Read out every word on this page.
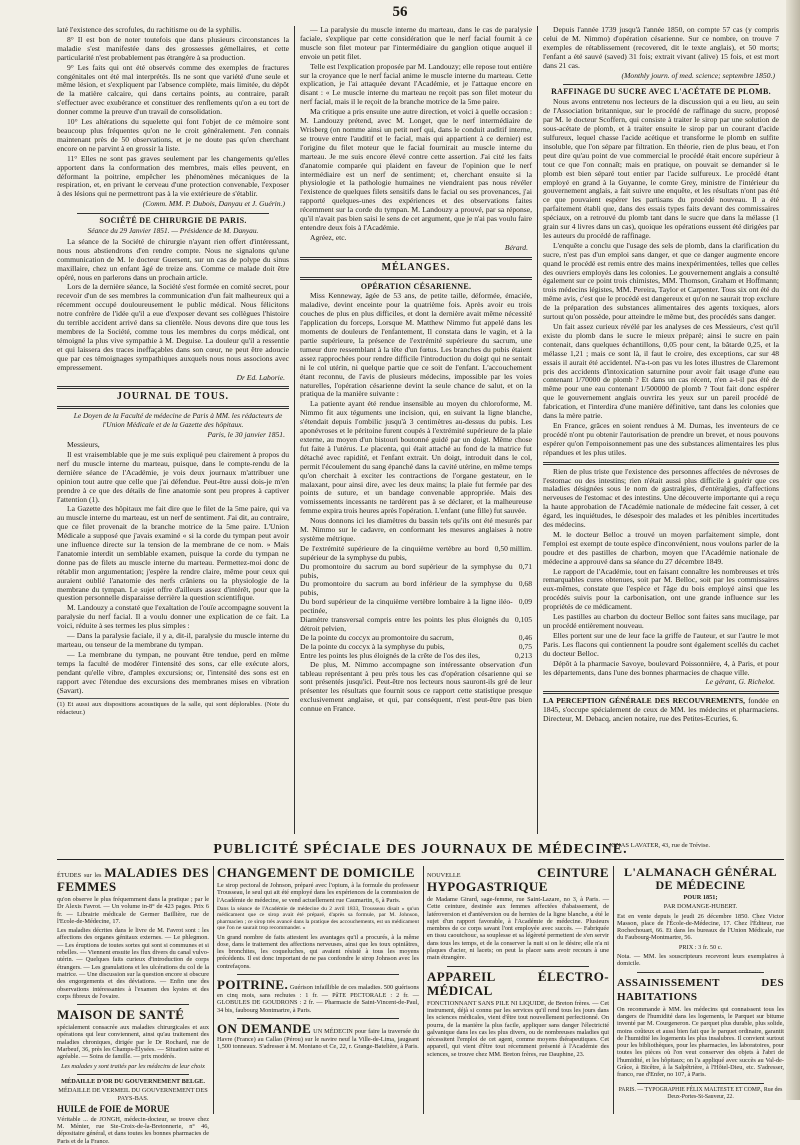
56

laté l'existence des scrofules, du rachitisme ou de la syphilis.

8° Il est bon de noter toutefois que dans plusieurs circonstances la maladie s'est manifestée dans des grossesses gémellaires, et cette particularité n'est probablement pas étrangère à sa production.

9° Les faits qui ont été observés comme des exemples de fractures congénitales ont été mal interprétés. Ils ne sont que variété d'une seule et même lésion, et s'expliquent par l'absence complète, mais limitée, du dépôt de la matière calcaire, qui dans certains points, au contraire, paraît s'effectuer avec exubérance et constituer des renflements qu'on a eu tort de donner comme la preuve d'un travail de consolidation.

10° Les altérations du squelette qui font l'objet de ce mémoire sont beaucoup plus fréquentes qu'on ne le croit généralement. J'en connais maintenant près de 50 observations, et je ne doute pas qu'en cherchant encore on ne parvint à en grossir la liste.

11° Elles ne sont pas graves seulement par les changements qu'elles apportent dans la conformation des membres, mais elles peuvent, en déformant la poitrine, empêcher les phénomènes mécaniques de la respiration, et, en privant le cerveau d'une protection convenable, l'exposer à des lésions qui ne permettront pas à la vie extérieure de s'établir.

(Comm. MM. P. Dubois, Danyau et J. Guérin.)

SOCIÉTÉ DE CHIRURGIE DE PARIS.
Séance du 29 Janvier 1851. — Présidence de M. Danyau.

La séance de la Société de chirurgie n'ayant rien offert d'intéressant, nous nous abstiendrons d'en rendre compte. Nous ne signalons qu'une communication de M. le docteur Guersent, sur un cas de polype du sinus maxillaire, chez un enfant âgé de treize ans. Comme ce malade doit être opéré, nous en parlerons dans un prochain article.

Lors de la dernière séance, la Société s'est formée en comité secret, pour recevoir d'un de ses membres la communication d'un fait malheureux qui a récemment occupé douloureusement le public médical. Nous félicitons notre confrère de l'idée qu'il a eue d'exposer devant ses collègues l'histoire du terrible accident arrivé dans sa clientèle. Nous devons dire que tous les membres de la Société, comme tous les membres du corps médical, ont témoigné la plus vive sympathie à M. Deguise. La douleur qu'il a ressentie et qui laissera des traces ineffaçables dans son cœur, ne peut être adoucie que par ces témoignages sympathiques auxquels nous nous associons avec empressement.

Dr Ed. Laborie.

JOURNAL DE TOUS.

Le Doyen de la Faculté de médecine de Paris à MM. les rédacteurs de l'Union Médicale et de la Gazette des hôpitaux.

Paris, le 30 janvier 1851.

Messieurs,

Il est vraisemblable que je me suis expliqué peu clairement à propos du nerf du muscle interne du marteau, puisque, dans le compte-rendu de la dernière séance de l'Académie, je vois deux journaux m'attribuer une opinion tout autre que celle que j'ai défendue. Peut-être aussi dois-je m'en prendre à ce que des détails de fine anatomie sont peu propres à captiver l'attention (1).

La Gazette des hôpitaux me fait dire que le filet de la 5me paire, qui va au muscle interne du marteau, est un nerf de sentiment. J'ai dit, au contraire, que ce filet provenait de la branche motrice de la 5me paire. L'Union Médicale a supposé que j'avais examiné « si la corde du tympan peut avoir une influence directe sur la tension de la membrane de ce nom. » Mais l'anatomie interdit un semblable examen, puisque la corde du tympan ne donne pas de filets au muscle interne du marteau. Permettez-moi donc de rétablir mon argumentation; j'espère la rendre claire, même pour ceux qui auraient oublié l'anatomie des nerfs crâniens ou la physiologie de la membrane du tympan. Le sujet offre d'ailleurs assez d'intérêt, pour que la question personnelle disparaisse derrière la question scientifique.

M. Landouzy a constaté que l'exaltation de l'ouïe accompagne souvent la paralysie du nerf facial. Il a voulu donner une explication de ce fait. La voici, réduite à ses termes les plus simples :

— Dans la paralysie faciale, il y a, dit-il, paralysie du muscle interne du marteau, ou tenseur de la membrane du tympan.

— La membrane du tympan, ne pouvant être tendue, perd en même temps la faculté de modérer l'intensité des sons, car elle exécute alors, pendant qu'elle vibre, d'amples excursions; or, l'intensité des sons est en rapport avec l'étendue des excursions des membranes mises en vibration (Savart).

(1) Et aussi aux dispositions acoustiques de la salle, qui sont déplorables. (Note du rédacteur.)

— La paralysie du muscle interne du marteau, dans le cas de paralysie faciale, s'explique par cette considération que le nerf facial fournit à ce muscle son filet moteur par l'intermédiaire du ganglion otique auquel il envoie un petit filet.

Telle est l'explication proposée par M. Landouzy; elle repose tout entière sur la croyance que le nerf facial anime le muscle interne du marteau. Cette explication, je l'ai attaquée devant l'Académie, et je l'attaque encore en disant : « Le muscle interne du marteau ne reçoit pas son filet moteur du nerf facial, mais il le reçoit de la branche motrice de la 5me paire.

Ma critique a pris ensuite une autre direction, et voici à quelle occasion : M. Landouzy prétend, avec M. Longet, que le nerf intermédiaire de Wrisberg (on nomme ainsi un petit nerf qui, dans le conduit auditif interne, se trouve entre l'auditif et le facial, mais qui appartient à ce dernier) est l'origine du filet moteur que le facial fournirait au muscle interne du marteau. Je me suis encore élevé contre cette assertion. J'ai cité les faits d'anatomie comparée qui plaident en faveur de l'opinion que le nerf intermédiaire est un nerf de sentiment; et, cherchant ensuite si la physiologie et la pathologie humaines ne viendraient pas nous révéler l'existence de quelques filets sensitifs dans le facial ou ses provenances, j'ai rapporté quelques-unes des expériences et des observations faites récemment sur la corde du tympan. M. Landouzy a prouvé, par sa réponse, qu'il n'avait pas bien saisi le sens de cet argument, que je n'ai pas voulu faire entendre deux fois à l'Académie.

Agréez, etc.

Bérard.

MÉLANGES.
OPÉRATION CÉSARIENNE.

Miss Kenneway, âgée de 53 ans, de petite taille, déformée, émaciée, maladive, devint enceinte pour la quatrième fois. Après avoir eu trois couches de plus en plus difficiles, et dont la dernière avait même nécessité l'application du forceps, Lorsque M. Matthew Nimmo fut appelé dans les moments de douleurs de l'enfantement, Il constata dans le vagin, et à la partie supérieure, la présence de l'extrémité supérieure du sacrum, une tumeur dure ressemblant à la tête d'un fœtus. Les branches du pubis étaient assez rapprochées pour rendre difficile l'introduction du doigt qui ne sentait ni le col utérin, ni quelque partie que ce soit de l'enfant. L'accouchement étant reconnu, de l'avis de plusieurs médecins, impossible par les voies naturelles, l'opération césarienne devint la seule chance de salut, et on la pratiqua de la manière suivante :

La patiente ayant été rendue insensible au moyen du chloroforme, M. Nimmo fit aux téguments une incision, qui, en suivant la ligne blanche, s'étendait depuis l'ombilic jusqu'à 3 centimètres au-dessus du pubis. Les aponévroses et le péritoine furent coupés à l'extrémité supérieure de la plaie externe, au moyen d'un bistouri boutonné guidé par un doigt. Même chose fut faite à l'utérus. Le placenta, qui était attaché au fond de la matrice fut détaché avec rapidité, et l'enfant extrait. Un doigt, introduit dans le col, permit l'écoulement du sang épanché dans la cavité utérine, en même temps qu'on cherchait à exciter les contractions de l'organe gestateur, en le malaxant, pour ainsi dire, avec les deux mains; la plaie fut fermée par des points de suture, et un bandage convenable appropriée. Mais des vomissements incessants ne tardèrent pas à se déclarer, et la malheureuse femme expira trois heures après l'opération. L'enfant (une fille) fut sauvée.

Nous donnons ici les diamètres du bassin tels qu'ils ont été mesurés par M. Nimmo sur le cadavre, en conformant les mesures anglaises à notre système métrique.

De l'extrémité supérieure de la cinquième vertèbre au bord supérieur de la symphyse du pubis,
0,50 millim.
Du promontoire du sacrum au bord supérieur de la symphyse du pubis,
0,71
Du promontoire du sacrum au bord inférieur de la symphyse du pubis,
0,68
Du bord supérieur de la cinquième vertèbre lombaire à la ligne iléo-pectinée,
0,09
Diamètre transversal compris entre les points les plus éloignés du détroit pelvien,
0,105
De la pointe du coccyx au promontoire du sacrum,	0,46
De la pointe du coccyx à la symphyse du pubis,	0,75
Entre les points les plus éloignés de la crête de l'os des iles,	0,213

De plus, M. Nimmo accompagne son intéressante observation d'un tableau représentant à peu près tous les cas d'opération césarienne qui se sont présentés jusqu'ici. Peut-être nos lecteurs nous sauront-ils gré de leur présenter les résultats que fournit sous ce rapport cette statistique presque exclusivement anglaise, et qui, par conséquent, n'est peut-être pas bien connue en France.

Depuis l'année 1739 jusqu'à l'année 1850, on compte 57 cas (y compris celui de M. Nimmo) d'opération césarienne. Sur ce nombre, on trouve 7 exemples de rétablissement (recovered, dit le texte anglais), et 50 morts; l'enfant a été sauvé (saved) 31 fois; extrait vivant (alive) 15 fois, et est mort dans 21 cas.

(Monthly journ. of med. science; septembre 1850.)

RAFFINAGE DU SUCRE AVEC L'ACÉTATE DE PLOMB.

Nous avons entretenu nos lecteurs de la discussion qui a eu lieu, au sein de l'Association britannique, sur le procédé de raffinage du sucre, proposé par M. le docteur Scoffern, qui consiste à traiter le sirop par une solution de sous-acétate de plomb, et à traiter ensuite le sirop par un courant d'acide sulfureux, lequel chasse l'acide acétique et transforme le plomb en sulfite insoluble, que l'on sépare par filtration. En théorie, rien de plus beau, et l'on peut dire qu'au point de vue commercial le procédé était encore supérieur à tout ce que l'on connaît; mais en pratique, on pouvait se demander si le plomb est bien séparé tout entier par l'acide sulfureux. Le procédé étant employé en grand à la Guyanne, le comte Grey, ministre de l'intérieur du gouvernement anglais, a fait suivre une enquête, et les résultats n'ont pas été ce que pouvaient espérer les partisans du procédé nouveau. Il a été parfaitement établi que, dans des essais types faits devant des commissaires spéciaux, on a retrouvé du plomb tant dans le sucre que dans la mélasse (1 grain sur 4 livres dans un cas), quoique les opérations eussent été dirigées par les auteurs du procédé de raffinage.

L'enquête a conclu que l'usage des sels de plomb, dans la clarification du sucre, n'est pas d'un emploi sans danger, et que ce danger augmente encore quand le procédé est remis entre des mains inexpérimentées, telles que celles des ouvriers employés dans les colonies. Le gouvernement anglais a consulté également sur ce point trois chimistes, MM. Thomson, Graham et Hoffmann; trois médecins légistes, MM. Pereira, Taylor et Carpenter. Tous six ont été du même avis, c'est que le procédé est dangereux et qu'on ne saurait trop exclure de la préparation des substances alimentaires des agents toxiques, alors surtout qu'on possède, pour atteindre le même but, des procédés sans danger.

Un fait assez curieux révélé par les analyses de ces Messieurs, c'est qu'il existe du plomb dans le sucre le mieux préparé; ainsi le sucre en pain contenait, dans quelques échantillons, 0,05 pour cent, la bâtarde 0,25, et la mélasse 1,21 ; mais ce sont là, il faut le croire, des exceptions, car sur 48 essais il aurait été accidentel. N'a-t-on pas vu les lotes illustres de Claremont pris des accidents d'intoxication saturnine pour avoir fait usage d'une eau contenant 1/70000 de plomb ? Et dans un cas récent, n'en a-t-il pas été de même pour une eau contenant 1/500000 de plomb ? Tout fait donc espérer que le gouvernement anglais ouvrira les yeux sur un pareil procédé de fabrication, et l'interdira d'une manière définitive, tant dans les colonies que dans la mère patrie.

En France, grâces en soient rendues à M. Dumas, les inventeurs de ce procédé n'ont pu obtenir l'autorisation de prendre un brevet, et nous pouvons espérer qu'on l'empoisonnement pas une des substances alimentaires les plus répandues et les plus utiles.

Rien de plus triste que l'existence des personnes affectées de névroses de l'estomac ou des intestins; rien n'était aussi plus difficile à guérir que ces maladies désignées sous le nom de gastralgies, d'entéralgies, d'affections nerveuses de l'estomac et des intestins. Une découverte importante qui a reçu la haute approbation de l'Académie nationale de médecine fait cesser, à cet égard, les inquiétudes, le désespoir des malades et les pénibles incertitudes des médecins.

M. le docteur Belloc a trouvé un moyen parfaitement simple, dont l'emploi est exempt de toute espèce d'inconvénient, nous voulons parler de la poudre et des pastilles de charbon, moyen que l'Académie nationale de médecine a approuvé dans sa séance du 27 décembre 1849.

Le rapport de l'Académie, tout en faisant connaître les nombreuses et très remarquables cures obtenues, soit par M. Belloc, soit par les commissaires eux-mêmes, constate que l'espèce et l'âge du bois employé ainsi que les procédés suivis pour la carbonisation, ont une grande influence sur les propriétés de ce médicament.

Les pastilles au charbon du docteur Belloc sont faites sans mucilage, par un procédé entièrement nouveau.

Elles portent sur une de leur face la griffe de l'auteur, et sur l'autre le mot Paris. Les flacons qui contiennent la poudre sont également scellés du cachet du docteur Belloc.

Dépôt à la pharmacie Savoye, boulevard Poissonnière, 4, à Paris, et pour les départements, dans l'une des bonnes pharmacies de chaque ville.

Le gérant, G. Richelot.

LA PERCEPTION GÉNÉRALE DES RECOUVREMENTS, fondée en 1845, s'occupe spécialement de ceux de MM. les médecins et pharmaciens. Directeur, M. Debacq, ancien notaire, rue des Petites-Ecuries, 6.

PUBLICITÉ SPÉCIALE DES JOURNAUX DE MÉDECINE.
JONAS LAVATER, 43, rue de Trévise.

ÉTUDES sur les MALADIES DES FEMMES

qu'on observe le plus fréquemment dans la pratique ; par le Dr Alexis Favrot. — Un volume in-8° de 423 pages. Prix 6 fr. — Librairie médicale de Germer Baillière, rue de l'Ecole-de-Médecine, 17.

Les maladies décrites dans le livre de M. Favrot sont : les affections des organes génitaux externes. — Le phlegmon. — Les éruptions de toutes sortes qui sont si communes et si rebelles. — Viennent ensuite les flux divers du canal vulvo-utérin. — Quelques faits curieux d'introduction de corps étrangers. — Les granulations et les ulcérations du col de la matrice. — Une discussion sur la question encore si obscure des engorgements et des déviations. — Enfin une des observations intéressantes à l'examen des kystes et des corps fibreux de l'ovaire.

MAISON DE SANTÉ

spécialement consacrée aux maladies chirurgicales et aux opérations qui leur conviennent, ainsi qu'au traitement des maladies chroniques, dirigée par le Dr Rochard, rue de Marbeuf, 36, près les Champs-Élysées. — Situation saine et agréable. — Soins de famille. — prix modérés.

Les malades y sont traités par les médecins de leur choix

MÉDAILLE D'OR DU GOUVERNEMENT BELGE.

MÉDAILLE DE VERMEIL DU GOUVERNEMENT DES PAYS-BAS.

HUILE de FOIE de MORUE

Véritable ... de JONGH, médecin-docteur, se trouve chez M. Ménier, rue Ste-Croix-de-la-Bretonnerie, n° 46, dépositaire général, et dans toutes les bonnes pharmacies de Paris et de la France.

CHANGEMENT DE DOMICILE

Le sirop pectoral de Johnson, préparé avec l'opium, à la formule du professeur Trousseau, le seul qui ait été employé dans les expériences de la commission de l'Académie de médecine, se vend actuellement rue Caumartin, 6, à Paris.

Dans la séance de l'Académie de médecine du 2 avril 1833, Trousseau disait « qu'un médicament que ce sirop avait été préparé, d'après sa formule, par M. Johnson, pharmacien ; ce sirop très avancé dans la pratique des accouchements, est un médicament que l'on ne saurait trop recommander. »

Un grand nombre de faits attestent les avantages qu'il a procurés, à la même dose, dans le traitement des affections nerveuses, ainsi que les toux opiniâtres, les bronchites, les coqueluches, qui avaient résisté à tous les moyens précédents. Il est donc important de ne pas confondre le sirop Johnson avec les contrefaçons.

POITRINE. Guérison infaillible de ces maladies. 500 guérisons en cinq mois, sans rechutes : 1 fr. — PâTE PECTORALE : 2 fr. — GLOBULES DE GOUDRONS : 2 fr. — Pharmacie de Saint-Vincent-de-Paul, 34 bis, faubourg Montmartre, à Paris.

ON DEMANDE UN MÉDECIN pour faire la traversée du Havre (France) au Callao (Pérou) sur le navire neuf la Ville-de-Lima, jaugeant 1,500 tonneaux. S'adresser à M. Montano et Ce, 22, r. Grange-Batelière, à Paris.

NOUVELLE	CEINTURE HYPOGASTRIQUE

de Madame Girard, sage-femme, rue Saint-Lazare, no 3, à Paris. — Cette ceinture, destinée aux femmes affectées d'abaissement, de latéroversion et d'antéversion ou de hernies de la ligne blanche, a été le sujet d'un rapport favorable, à l'Académie de médecine. Plusieurs membres de ce corps savant l'ont employée avec succès. — Fabriquée en tissu caoutchouc, sa souplesse et sa légèreté permettent de s'en servir dans tous les temps, et de la conserver la nuit si on le désire; elle n'a ni plaques d'acier, ni lacets; on peut la placer sans avoir recours à une main étrangère.

APPAREIL ÉLECTRO-MÉDICAL

FONCTIONNANT SANS PILE NI LIQUIDE, de Breton frères. — Cet instrument, déjà si connu par les services qu'il rend tous les jours dans les sciences médicales, vient d'être tout nouvellement perfectionné. On pourra, de la manière la plus facile, appliquer sans danger l'électricité galvanique dans les cas les plus divers, ou de nombreuses maladies qui nécessitent l'emploi de cet agent, comme moyens thérapeutiques. Cet appareil, qui vient d'être tout récemment présenté à l'Académie des sciences, se trouve chez MM. Breton frères, rue Dauphine, 23.

L'ALMANACH GÉNÉRAL DE MÉDECINE

POUR 1851;

PAR DOMANGE-HUBERT.

Est en vente depuis le jeudi 26 décembre 1850. Chez Victor Masson, place de l'École-de-Médecine, 17. Chez l'Éditeur, rue Rochechouart, 66. Et dans les bureaux de l'Union Médicale, rue du Faubourg-Montmartre, 56.

PRIX : 3 fr. 50 c.

Nota. — MM. les souscripteurs recevront leurs exemplaires à domicile.

ASSAINISSEMENT DES HABITATIONS

On recommande à MM. les médecins qui connaissent tous les dangers de l'humidité dans les logements, le Parquet sur bitume inventé par M. Courgeneron. Ce parquet plus durable, plus solide, moins coûteux et aussi bien fait que le parquet ordinaire, garantit de l'humidité les logements les plus insalubres. Il convient surtout pour les bibliothèques, pour les pharmacies, les laboratoires, pour toutes les pièces où l'on veut conserver des objets à l'abri de l'humidité, et les hôpitaux; on l'a appliqué avec succès au Val-de-Grâce, à Bicêtre, à la Salpêtrière, à l'Hôtel-Dieu, etc. S'adresser, franco, rue d'Enfer, no 107, à Paris.

PARIS. — TYPOGRAPHIE FÉLIX MALTESTE ET COMP., Rue des Deux-Portes-St-Sauveur, 22.
